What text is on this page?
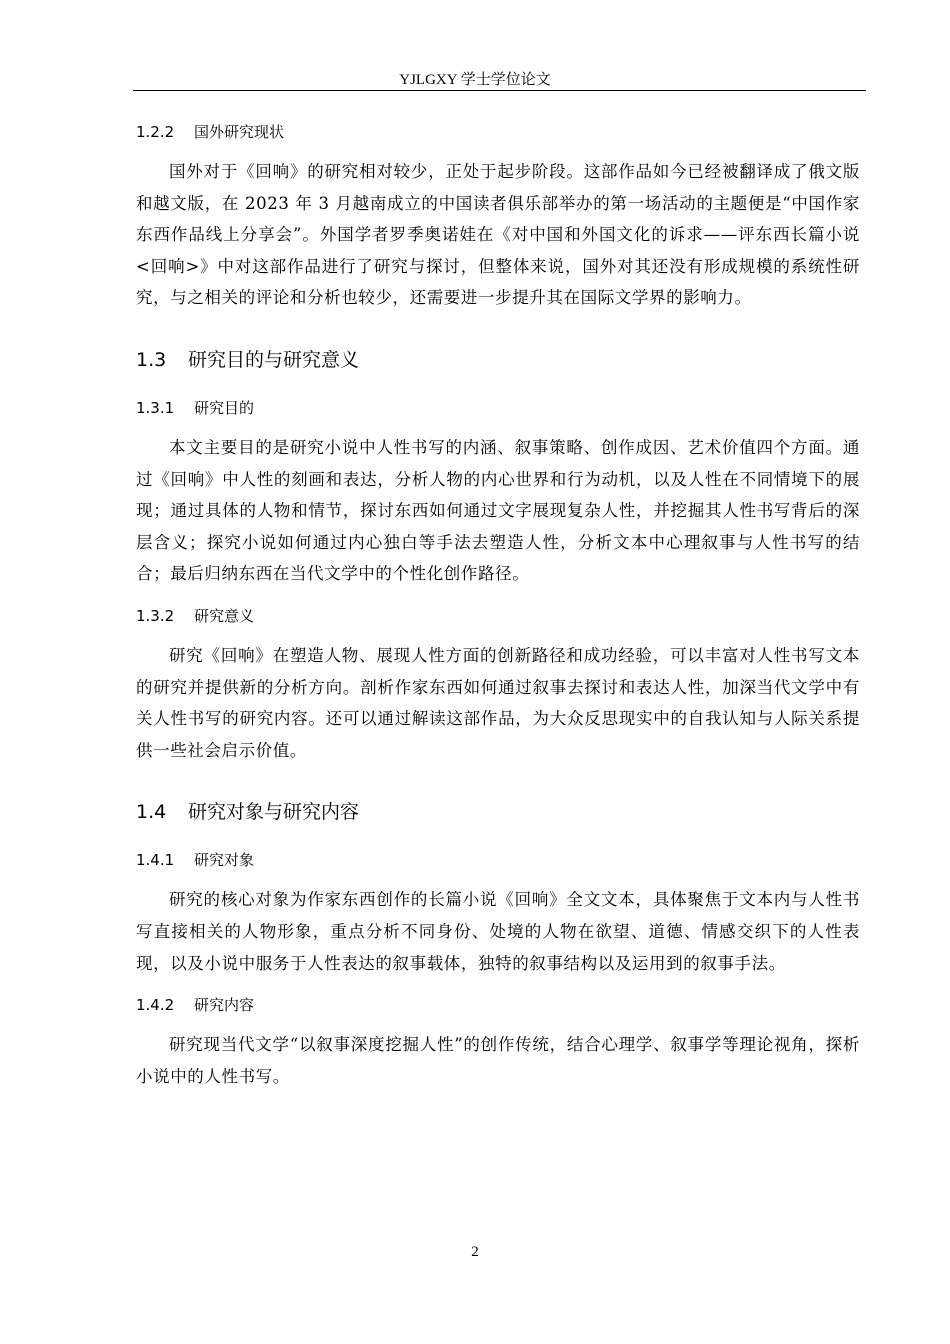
YJLGXY 学士学位论文
1.2.2 国外研究现状

国外对于《回响》的研究相对较少，正处于起步阶段。这部作品如今已经被翻译成了俄文版和越文版，在 2023 年 3 月越南成立的中国读者俱乐部举办的第一场活动的主题便是“中国作家东西作品线上分享会”。外国学者罗季奥诺娃在《对中国和外国文化的诉求——评东西长篇小说<回响>》中对这部作品进行了研究与探讨，但整体来说，国外对其还没有形成规模的系统性研究，与之相关的评论和分析也较少，还需要进一步提升其在国际文学界的影响力。

1.3 研究目的与研究意义
1.3.1 研究目的

本文主要目的是研究小说中人性书写的内涵、叙事策略、创作成因、艺术价值四个方面。通过《回响》中人性的刻画和表达，分析人物的内心世界和行为动机，以及人性在不同情境下的展现；通过具体的人物和情节，探讨东西如何通过文字展现复杂人性，并挖掘其人性书写背后的深层含义；探究小说如何通过内心独白等手法去塑造人性，分析文本中心理叙事与人性书写的结合；最后归纳东西在当代文学中的个性化创作路径。

1.3.2 研究意义

研究《回响》在塑造人物、展现人性方面的创新路径和成功经验，可以丰富对人性书写文本的研究并提供新的分析方向。剖析作家东西如何通过叙事去探讨和表达人性，加深当代文学中有关人性书写的研究内容。还可以通过解读这部作品，为大众反思现实中的自我认知与人际关系提供一些社会启示价值。

1.4 研究对象与研究内容
1.4.1 研究对象

研究的核心对象为作家东西创作的长篇小说《回响》全文文本，具体聚焦于文本内与人性书写直接相关的人物形象，重点分析不同身份、处境的人物在欲望、道德、情感交织下的人性表现，以及小说中服务于人性表达的叙事载体，独特的叙事结构以及运用到的叙事手法。

1.4.2 研究内容

研究现当代文学“以叙事深度挖掘人性”的创作传统，结合心理学、叙事学等理论视角，探析小说中的人性书写。

2
